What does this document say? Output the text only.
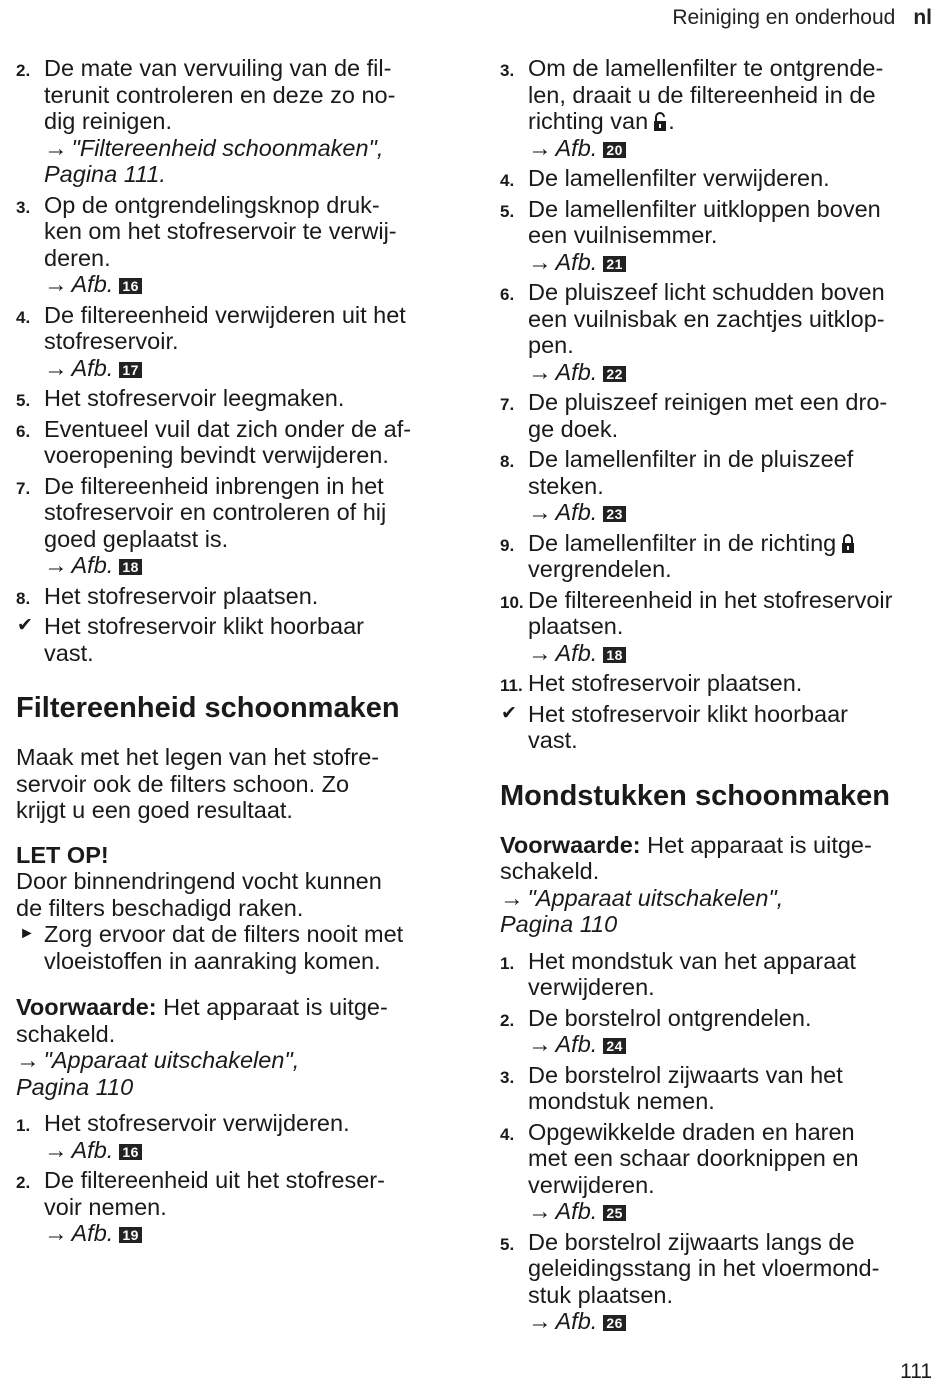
Reiniging en onderhoud nl
2. De mate van vervuiling van de fil-
terunit controleren en deze zo no-
dig reinigen.
→ "Filtereenheid schoonmaken",
Pagina 111.
3. Op de ontgrendelingsknop druk-
ken om het stofreservoir te verwij-
deren.
→ Afb. 16
4. De filtereenheid verwijderen uit het
stofreservoir.
→ Afb. 17
5. Het stofreservoir leegmaken.
6. Eventueel vuil dat zich onder de af-
voeropening bevindt verwijderen.
7. De filtereenheid inbrengen in het
stofreservoir en controleren of hij
goed geplaatst is.
→ Afb. 18
8. Het stofreservoir plaatsen.
✔ Het stofreservoir klikt hoorbaar
vast.
Filtereenheid schoonmaken

Maak met het legen van het stofre-
servoir ook de filters schoon. Zo
krijgt u een goed resultaat.

LET OP!

Door binnendringend vocht kunnen
de filters beschadigd raken.

► Zorg ervoor dat de filters nooit met
vloeistoffen in aanraking komen.

Voorwaarde: Het apparaat is uitge-
schakeld.

→ "Apparaat uitschakelen",
Pagina 110

1. Het stofreservoir verwijderen.
→ Afb. 16
2. De filtereenheid uit het stofreser-
voir nemen.
→ Afb. 19
3. Om de lamellenfilter te ontgrende-
len, draait u de filtereenheid in de
richting van .
→ Afb. 20
4. De lamellenfilter verwijderen.
5. De lamellenfilter uitkloppen boven
een vuilnisemmer.
→ Afb. 21
6. De pluiszeef licht schudden boven
een vuilnisbak en zachtjes uitklop-
pen.
→ Afb. 22
7. De pluiszeef reinigen met een dro-
ge doek.
8. De lamellenfilter in de pluiszeef
steken.
→ Afb. 23
9. De lamellenfilter in de richting
vergrendelen.
10. De filtereenheid in het stofreservoir
plaatsen.
→ Afb. 18
11. Het stofreservoir plaatsen.
✔ Het stofreservoir klikt hoorbaar
vast.
Mondstukken schoonmaken

Voorwaarde: Het apparaat is uitge-
schakeld.

→ "Apparaat uitschakelen",
Pagina 110

1. Het mondstuk van het apparaat
verwijderen.
2. De borstelrol ontgrendelen.
→ Afb. 24
3. De borstelrol zijwaarts van het
mondstuk nemen.
4. Opgewikkelde draden en haren
met een schaar doorknippen en
verwijderen.
→ Afb. 25
5. De borstelrol zijwaarts langs de
geleidingsstang in het vloermond-
stuk plaatsen.
→ Afb. 26
111
